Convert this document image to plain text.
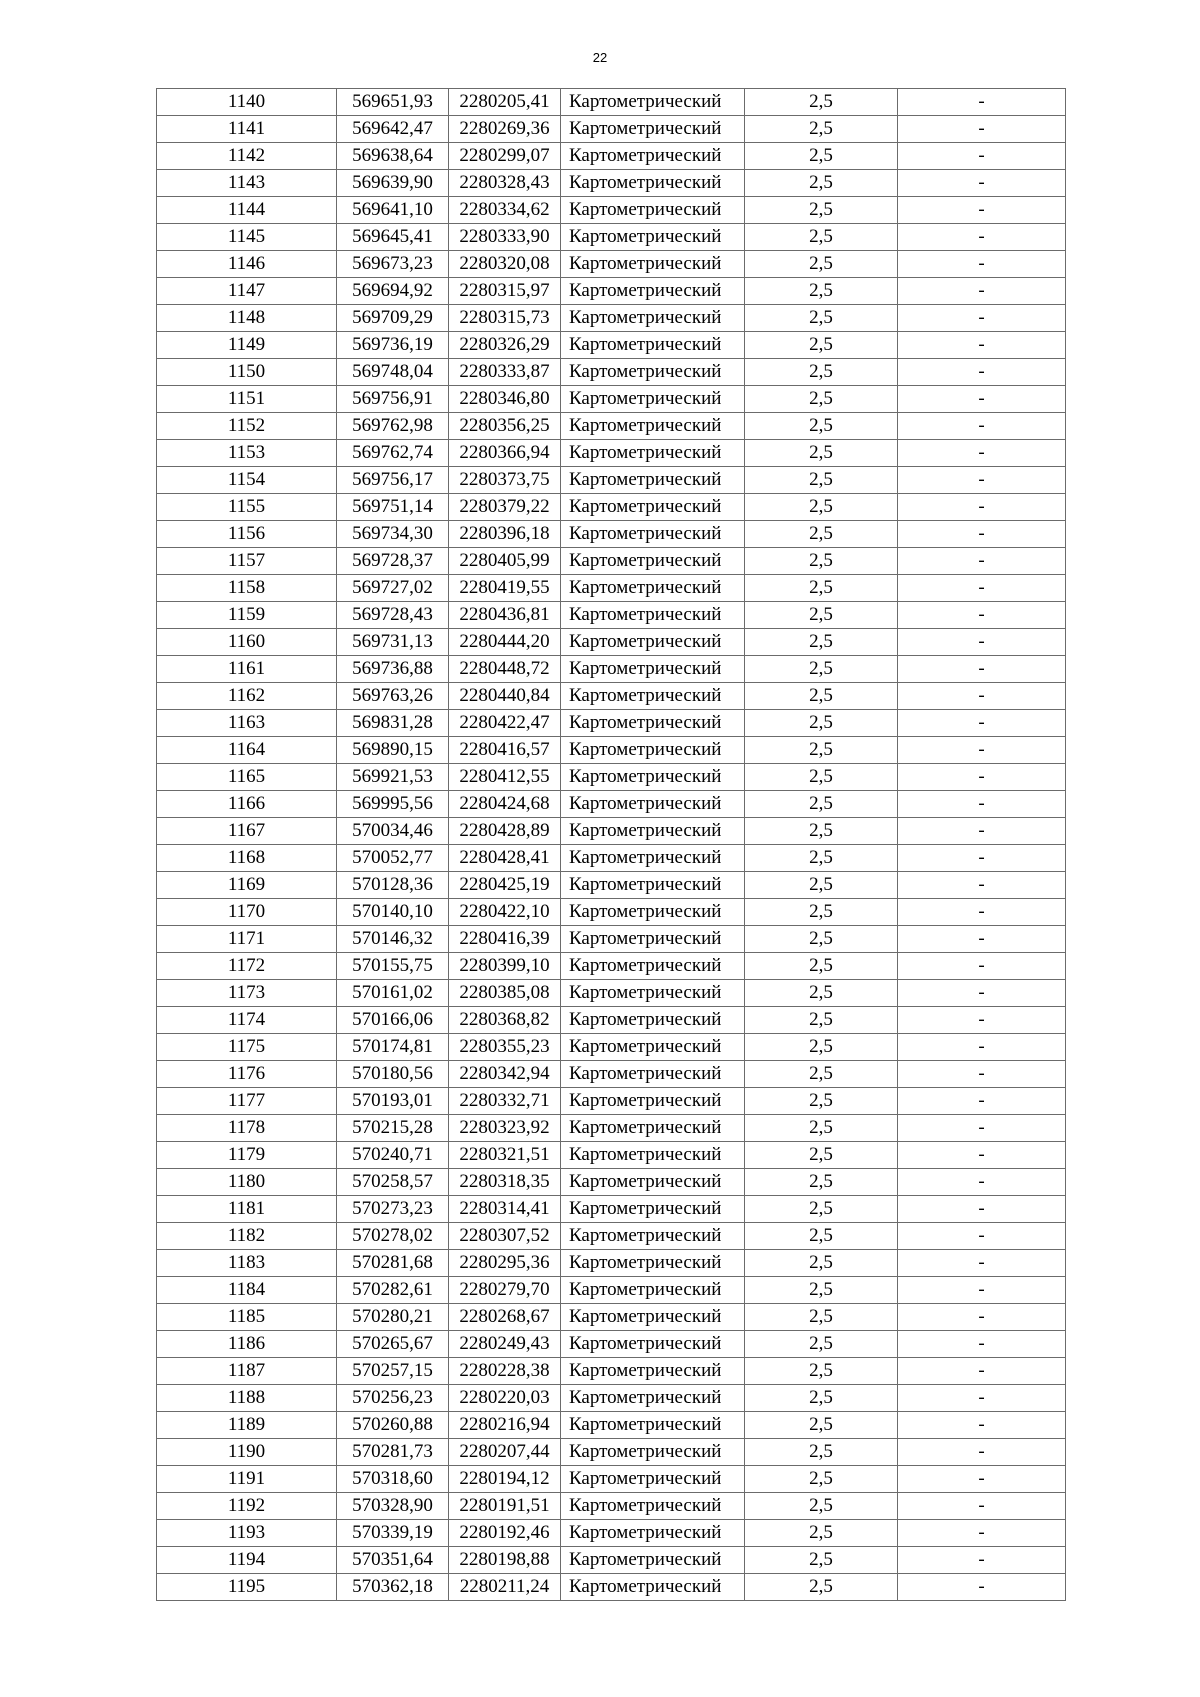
22
1140	569651,93	2280205,41	Картометрический	2,5	-
1141	569642,47	2280269,36	Картометрический	2,5	-
1142	569638,64	2280299,07	Картометрический	2,5	-
1143	569639,90	2280328,43	Картометрический	2,5	-
1144	569641,10	2280334,62	Картометрический	2,5	-
1145	569645,41	2280333,90	Картометрический	2,5	-
1146	569673,23	2280320,08	Картометрический	2,5	-
1147	569694,92	2280315,97	Картометрический	2,5	-
1148	569709,29	2280315,73	Картометрический	2,5	-
1149	569736,19	2280326,29	Картометрический	2,5	-
1150	569748,04	2280333,87	Картометрический	2,5	-
1151	569756,91	2280346,80	Картометрический	2,5	-
1152	569762,98	2280356,25	Картометрический	2,5	-
1153	569762,74	2280366,94	Картометрический	2,5	-
1154	569756,17	2280373,75	Картометрический	2,5	-
1155	569751,14	2280379,22	Картометрический	2,5	-
1156	569734,30	2280396,18	Картометрический	2,5	-
1157	569728,37	2280405,99	Картометрический	2,5	-
1158	569727,02	2280419,55	Картометрический	2,5	-
1159	569728,43	2280436,81	Картометрический	2,5	-
1160	569731,13	2280444,20	Картометрический	2,5	-
1161	569736,88	2280448,72	Картометрический	2,5	-
1162	569763,26	2280440,84	Картометрический	2,5	-
1163	569831,28	2280422,47	Картометрический	2,5	-
1164	569890,15	2280416,57	Картометрический	2,5	-
1165	569921,53	2280412,55	Картометрический	2,5	-
1166	569995,56	2280424,68	Картометрический	2,5	-
1167	570034,46	2280428,89	Картометрический	2,5	-
1168	570052,77	2280428,41	Картометрический	2,5	-
1169	570128,36	2280425,19	Картометрический	2,5	-
1170	570140,10	2280422,10	Картометрический	2,5	-
1171	570146,32	2280416,39	Картометрический	2,5	-
1172	570155,75	2280399,10	Картометрический	2,5	-
1173	570161,02	2280385,08	Картометрический	2,5	-
1174	570166,06	2280368,82	Картометрический	2,5	-
1175	570174,81	2280355,23	Картометрический	2,5	-
1176	570180,56	2280342,94	Картометрический	2,5	-
1177	570193,01	2280332,71	Картометрический	2,5	-
1178	570215,28	2280323,92	Картометрический	2,5	-
1179	570240,71	2280321,51	Картометрический	2,5	-
1180	570258,57	2280318,35	Картометрический	2,5	-
1181	570273,23	2280314,41	Картометрический	2,5	-
1182	570278,02	2280307,52	Картометрический	2,5	-
1183	570281,68	2280295,36	Картометрический	2,5	-
1184	570282,61	2280279,70	Картометрический	2,5	-
1185	570280,21	2280268,67	Картометрический	2,5	-
1186	570265,67	2280249,43	Картометрический	2,5	-
1187	570257,15	2280228,38	Картометрический	2,5	-
1188	570256,23	2280220,03	Картометрический	2,5	-
1189	570260,88	2280216,94	Картометрический	2,5	-
1190	570281,73	2280207,44	Картометрический	2,5	-
1191	570318,60	2280194,12	Картометрический	2,5	-
1192	570328,90	2280191,51	Картометрический	2,5	-
1193	570339,19	2280192,46	Картометрический	2,5	-
1194	570351,64	2280198,88	Картометрический	2,5	-
1195	570362,18	2280211,24	Картометрический	2,5	-
